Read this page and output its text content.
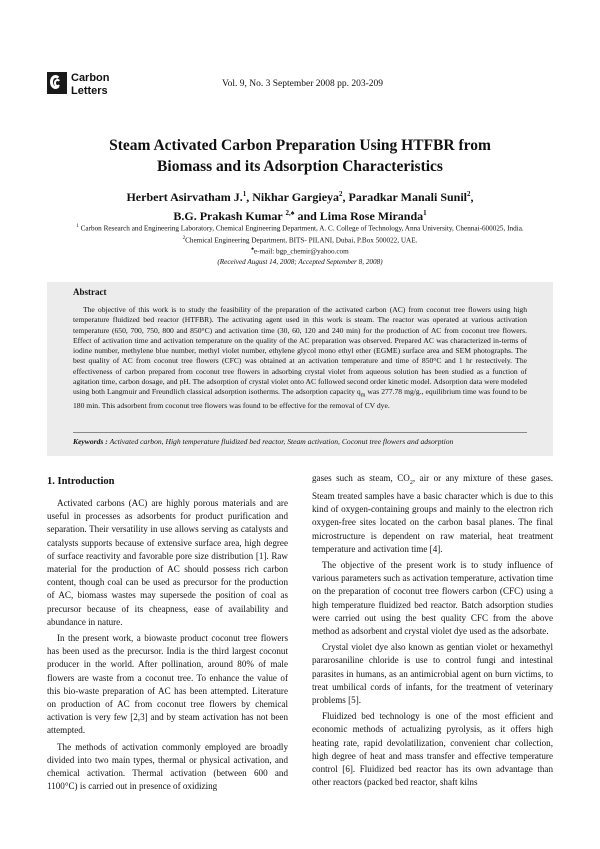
Carbon
Letters
Vol. 9, No. 3 September 2008 pp. 203-209
Steam Activated Carbon Preparation Using HTFBR from
Biomass and its Adsorption Characteristics
Herbert Asirvatham J.$^1$, Nikhar Gargieya$^2$, Paradkar Manali Sunil$^2$,
B.G. Prakash Kumar $^{2,♠}$ and Lima Rose Miranda$^1$
$^1$ Carbon Research and Engineering Laboratory, Chemical Engineering Department, A. C. College of Technology, Anna University, Chennai-600025, India.
$^2$Chemical Engineering Department, BITS- PILANI, Dubai, P.Box 500022, UAE.
♠e-mail: bgp_chemir@yahoo.com
(Received August 14, 2008; Accepted September 8, 2008)
Abstract

The objective of this work is to study the feasibility of the preparation of the activated carbon (AC) from coconut tree flowers using high temperature fluidized bed reactor (HTFBR). The activating agent used in this work is steam. The reactor was operated at various activation temperature (650, 700, 750, 800 and 850°C) and activation time (30, 60, 120 and 240 min) for the production of AC from coconut tree flowers. Effect of activation time and activation temperature on the quality of the AC preparation was observed. Prepared AC was characterized in-terms of iodine number, methylene blue number, methyl violet number, ethylene glycol mono ethyl ether (EGME) surface area and SEM photographs. The best quality of AC from coconut tree flowers (CFC) was obtained at an activation temperature and time of 850°C and 1 hr restectively. The effectiveness of carbon prepared from coconut tree flowers in adsorbing crystal violet from aqueous solution has been studied as a function of agitation time, carbon dosage, and pH. The adsorption of crystal violet onto AC followed second order kinetic model. Adsorption data were modeled using both Langmuir and Freundlich classical adsorption isotherms. The adsorption capacity $q_m$ was 277.78 mg/g., equilibrium time was found to be 180 min. This adsorbent from coconut tree flowers was found to be effective for the removal of CV dye.

Keywords : Activated carbon, High temperature fluidized bed reactor, Steam activation, Coconut tree flowers and adsorption
1. Introduction

Activated carbons (AC) are highly porous materials and are useful in processes as adsorbents for product purification and separation. Their versatility in use allows serving as catalysts and catalysts supports because of extensive surface area, high degree of surface reactivity and favorable pore size distribution [1]. Raw material for the production of AC should possess rich carbon content, though coal can be used as precursor for the production of AC, biomass wastes may supersede the position of coal as precursor because of its cheapness, ease of availability and abundance in nature.

In the present work, a biowaste product coconut tree flowers has been used as the precursor. India is the third largest coconut producer in the world. After pollination, around 80% of male flowers are waste from a coconut tree. To enhance the value of this bio-waste preparation of AC has been attempted. Literature on production of AC from coconut tree flowers by chemical activation is very few [2,3] and by steam activation has not been attempted.

The methods of activation commonly employed are broadly divided into two main types, thermal or physical activation, and chemical activation. Thermal activation (between 600 and 1100°C) is carried out in presence of oxidizing

gases such as steam, $CO_2$, air or any mixture of these gases. Steam treated samples have a basic character which is due to this kind of oxygen-containing groups and mainly to the electron rich oxygen-free sites located on the carbon basal planes. The final microstructure is dependent on raw material, heat treatment temperature and activation time [4].

The objective of the present work is to study influence of various parameters such as activation temperature, activation time on the preparation of coconut tree flowers carbon (CFC) using a high temperature fluidized bed reactor. Batch adsorption studies were carried out using the best quality CFC from the above method as adsorbent and crystal violet dye used as the adsorbate.

Crystal violet dye also known as gentian violet or hexamethyl pararosaniline chloride is use to control fungi and intestinal parasites in humans, as an antimicrobial agent on burn victims, to treat umbilical cords of infants, for the treatment of veterinary problems [5].

Fluidized bed technology is one of the most efficient and economic methods of actualizing pyrolysis, as it offers high heating rate, rapid devolatilization, convenient char collection, high degree of heat and mass transfer and effective temperature control [6]. Fluidized bed reactor has its own advantage than other reactors (packed bed reactor, shaft kilns
